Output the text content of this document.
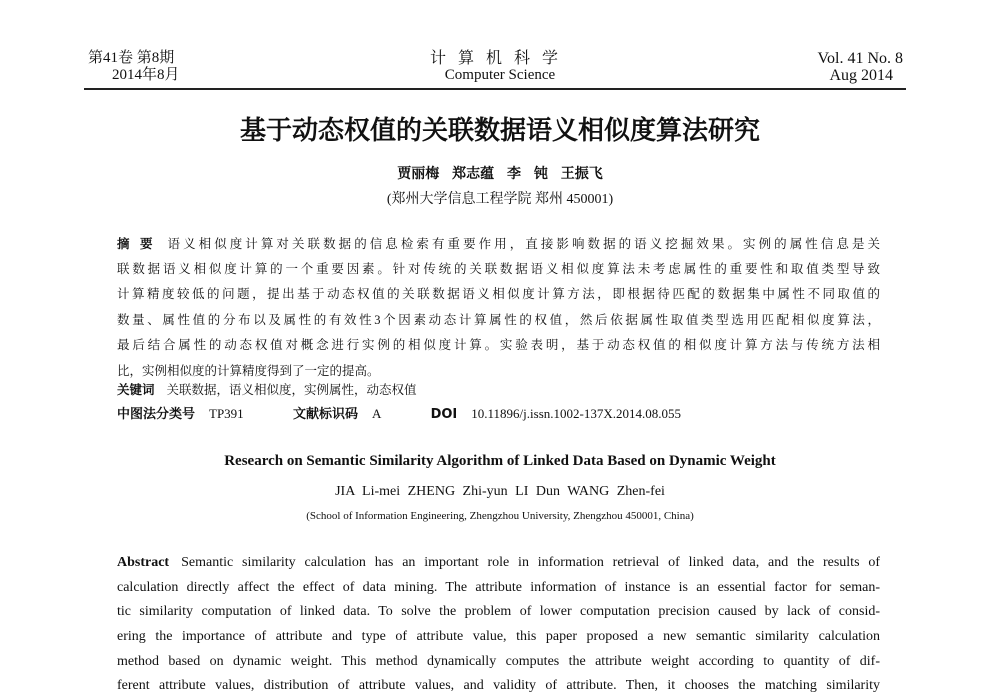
第41卷 第8期
2014年8月
计算机科学
Computer Science
Vol. 41 No. 8
Aug 2014
基于动态权值的关联数据语义相似度算法研究
贾丽梅 郑志蕴 李 钝 王振飞
(郑州大学信息工程学院 郑州 450001)
摘 要 语义相似度计算对关联数据的信息检索有重要作用，直接影响数据的语义挖掘效果。实例的属性信息是关
联数据语义相似度计算的一个重要因素。针对传统的关联数据语义相似度算法未考虑属性的重要性和取值类型导致
计算精度较低的问题，提出基于动态权值的关联数据语义相似度计算方法，即根据待匹配的数据集中属性不同取值的
数量、属性值的分布以及属性的有效性3个因素动态计算属性的权值，然后依据属性取值类型选用匹配相似度算法，
最后结合属性的动态权值对概念进行实例的相似度计算。实验表明，基于动态权值的相似度计算方法与传统方法相
比，实例相似度的计算精度得到了一定的提高。
关键词 关联数据，语义相似度，实例属性，动态权值
中图法分类号 TP391	文献标识码 A	DOI 10.11896/j.issn.1002-137X.2014.08.055
Research on Semantic Similarity Algorithm of Linked Data Based on Dynamic Weight
JIA Li-mei ZHENG Zhi-yun LI Dun WANG Zhen-fei
(School of Information Engineering, Zhengzhou University, Zhengzhou 450001, China)
Abstract Semantic similarity calculation has an important role in information retrieval of linked data, and the results of
calculation directly affect the effect of data mining. The attribute information of instance is an essential factor for seman-
tic similarity computation of linked data. To solve the problem of lower computation precision caused by lack of consid-
ering the importance of attribute and type of attribute value, this paper proposed a new semantic similarity calculation
method based on dynamic weight. This method dynamically computes the attribute weight according to quantity of dif-
ferent attribute values, distribution of attribute values, and validity of attribute. Then, it chooses the matching similarity
